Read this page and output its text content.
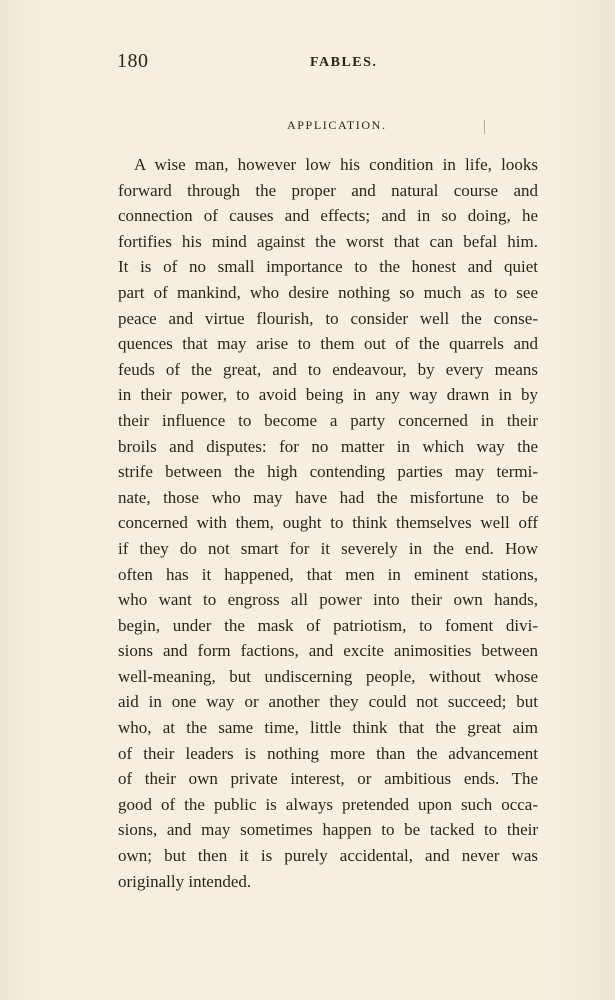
180	FABLES.
APPLICATION.
A wise man, however low his condition in life, looks
forward through the proper and natural course and
connection of causes and effects; and in so doing, he
fortifies his mind against the worst that can befal him.
It is of no small importance to the honest and quiet
part of mankind, who desire nothing so much as to see
peace and virtue flourish, to consider well the conse-
quences that may arise to them out of the quarrels and
feuds of the great, and to endeavour, by every means
in their power, to avoid being in any way drawn in by
their influence to become a party concerned in their
broils and disputes: for no matter in which way the
strife between the high contending parties may termi-
nate, those who may have had the misfortune to be
concerned with them, ought to think themselves well off
if they do not smart for it severely in the end. How
often has it happened, that men in eminent stations,
who want to engross all power into their own hands,
begin, under the mask of patriotism, to foment divi-
sions and form factions, and excite animosities between
well-meaning, but undiscerning people, without whose
aid in one way or another they could not succeed; but
who, at the same time, little think that the great aim
of their leaders is nothing more than the advancement
of their own private interest, or ambitious ends. The
good of the public is always pretended upon such occa-
sions, and may sometimes happen to be tacked to their
own; but then it is purely accidental, and never was
originally intended.
